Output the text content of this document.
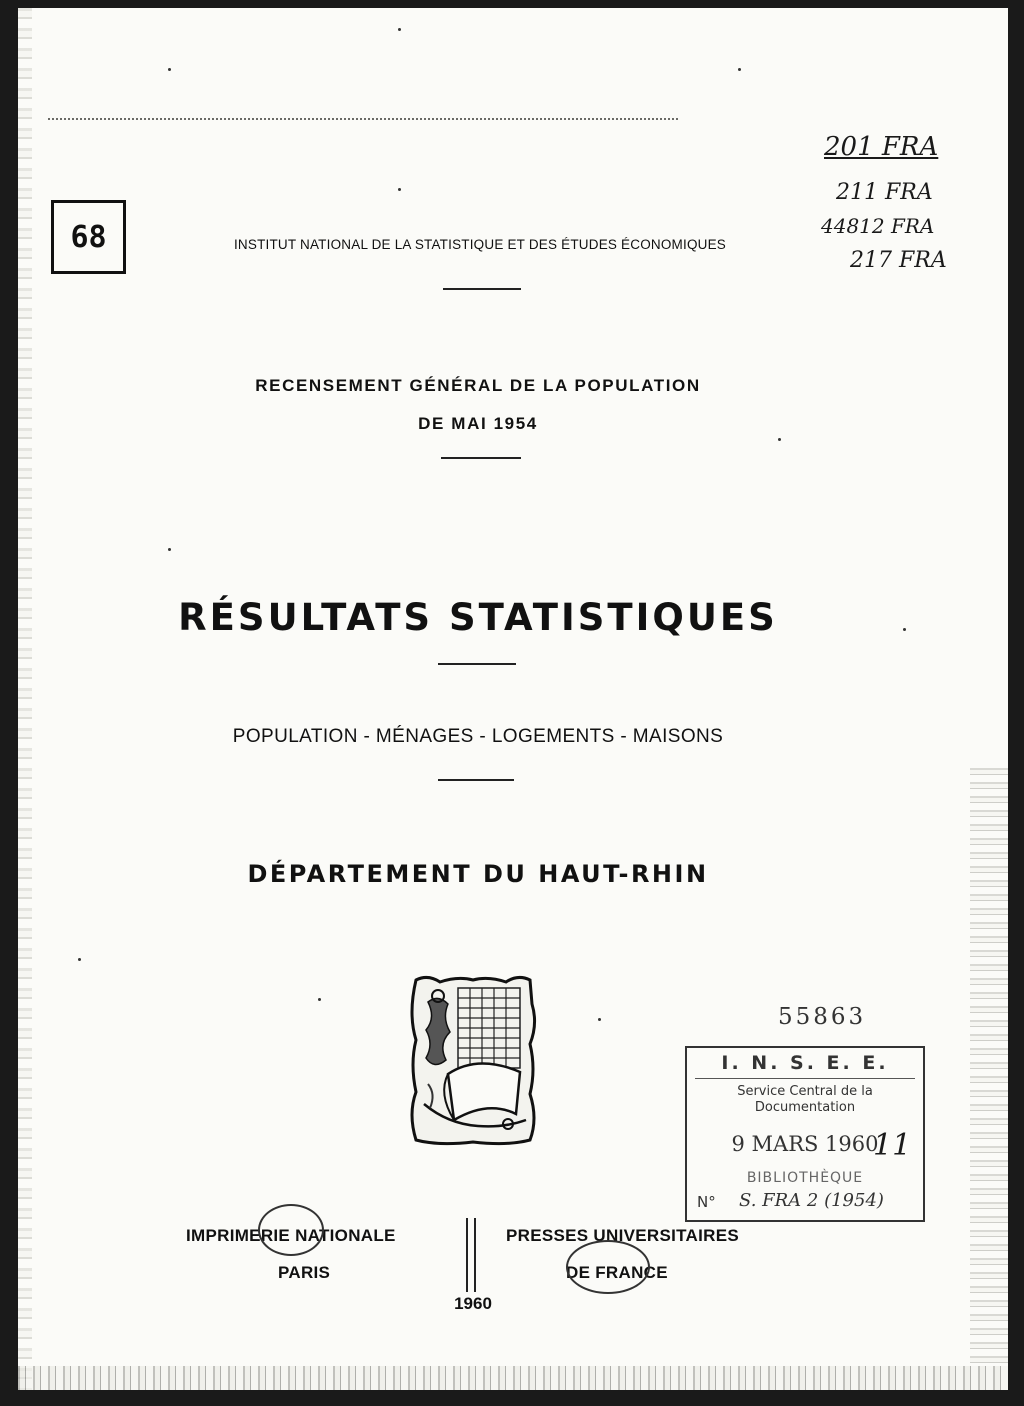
68
201 FRA
211 FRA
44812 FRA
217 FRA
INSTITUT NATIONAL DE LA STATISTIQUE ET DES ÉTUDES ÉCONOMIQUES
RECENSEMENT GÉNÉRAL DE LA POPULATION
DE MAI 1954
RÉSULTATS STATISTIQUES
POPULATION - MÉNAGES - LOGEMENTS - MAISONS
DÉPARTEMENT DU HAUT-RHIN
55863
I. N. S. E. E.
Service Central de la
Documentation
9 MARS 1960
BIBLIOTHÈQUE
N° S. FRA 2 (1954)
11
IMPRIMERIE NATIONALE
PARIS
PRESSES UNIVERSITAIRES
DE FRANCE
1960
